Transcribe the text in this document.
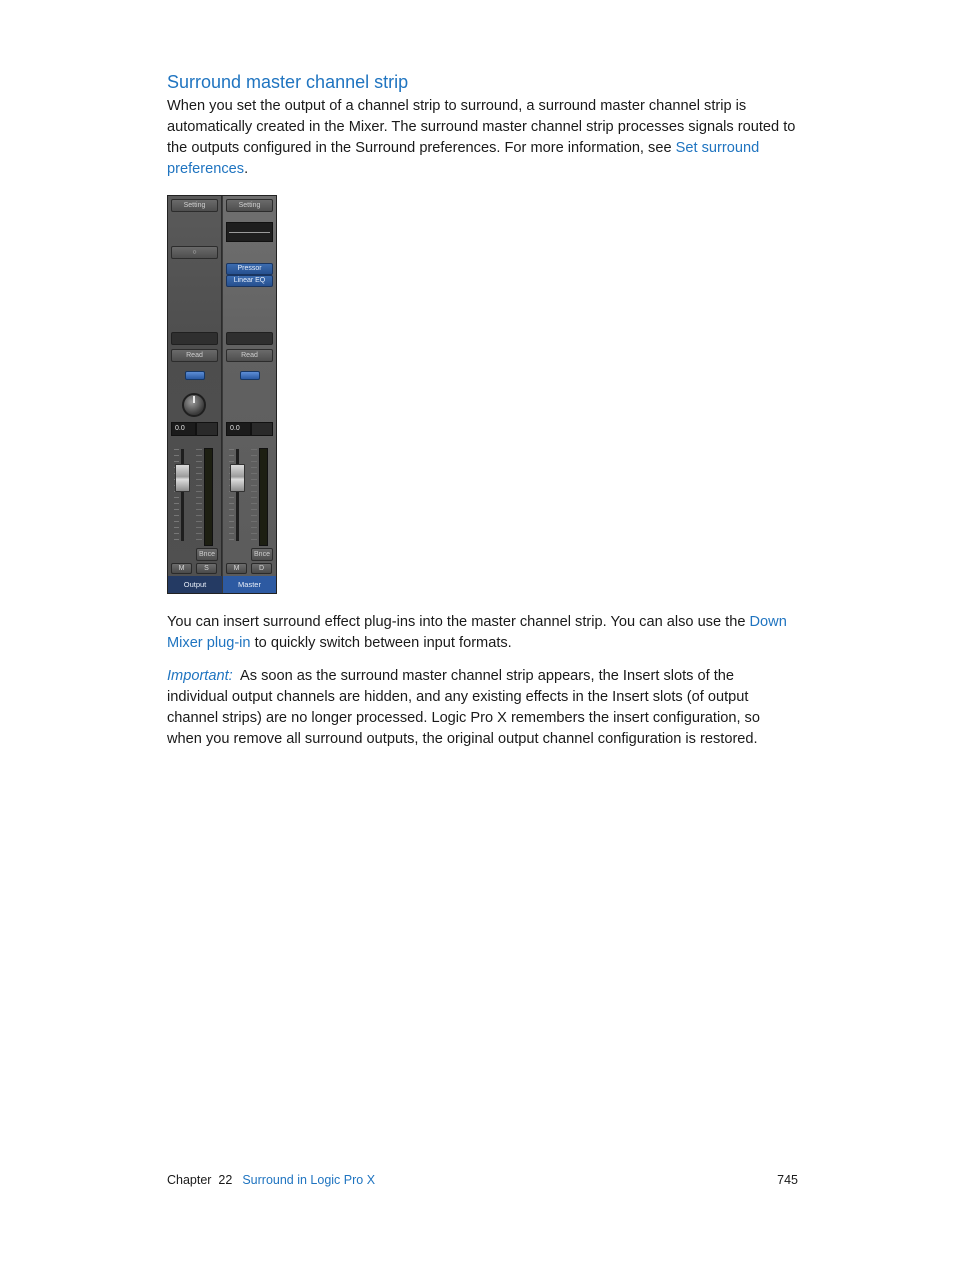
Surround master channel strip

When you set the output of a channel strip to surround, a surround master channel strip is automatically created in the Mixer. The surround master channel strip processes signals routed to the outputs configured in the Surround preferences. For more information, see Set surround preferences.

Setting
○
Read
0.0
Bnce
M	S
Output
Setting
Pressor
Linear EQ
Read
0.0
Bnce
M	D
Master

You can insert surround effect plug-ins into the master channel strip. You can also use the Down Mixer plug-in to quickly switch between input formats.

Important: As soon as the surround master channel strip appears, the Insert slots of the individual output channels are hidden, and any existing effects in the Insert slots (of output channel strips) are no longer processed. Logic Pro X remembers the insert configuration, so when you remove all surround outputs, the original output channel configuration is restored.

Chapter  22 Surround in Logic Pro X	745
